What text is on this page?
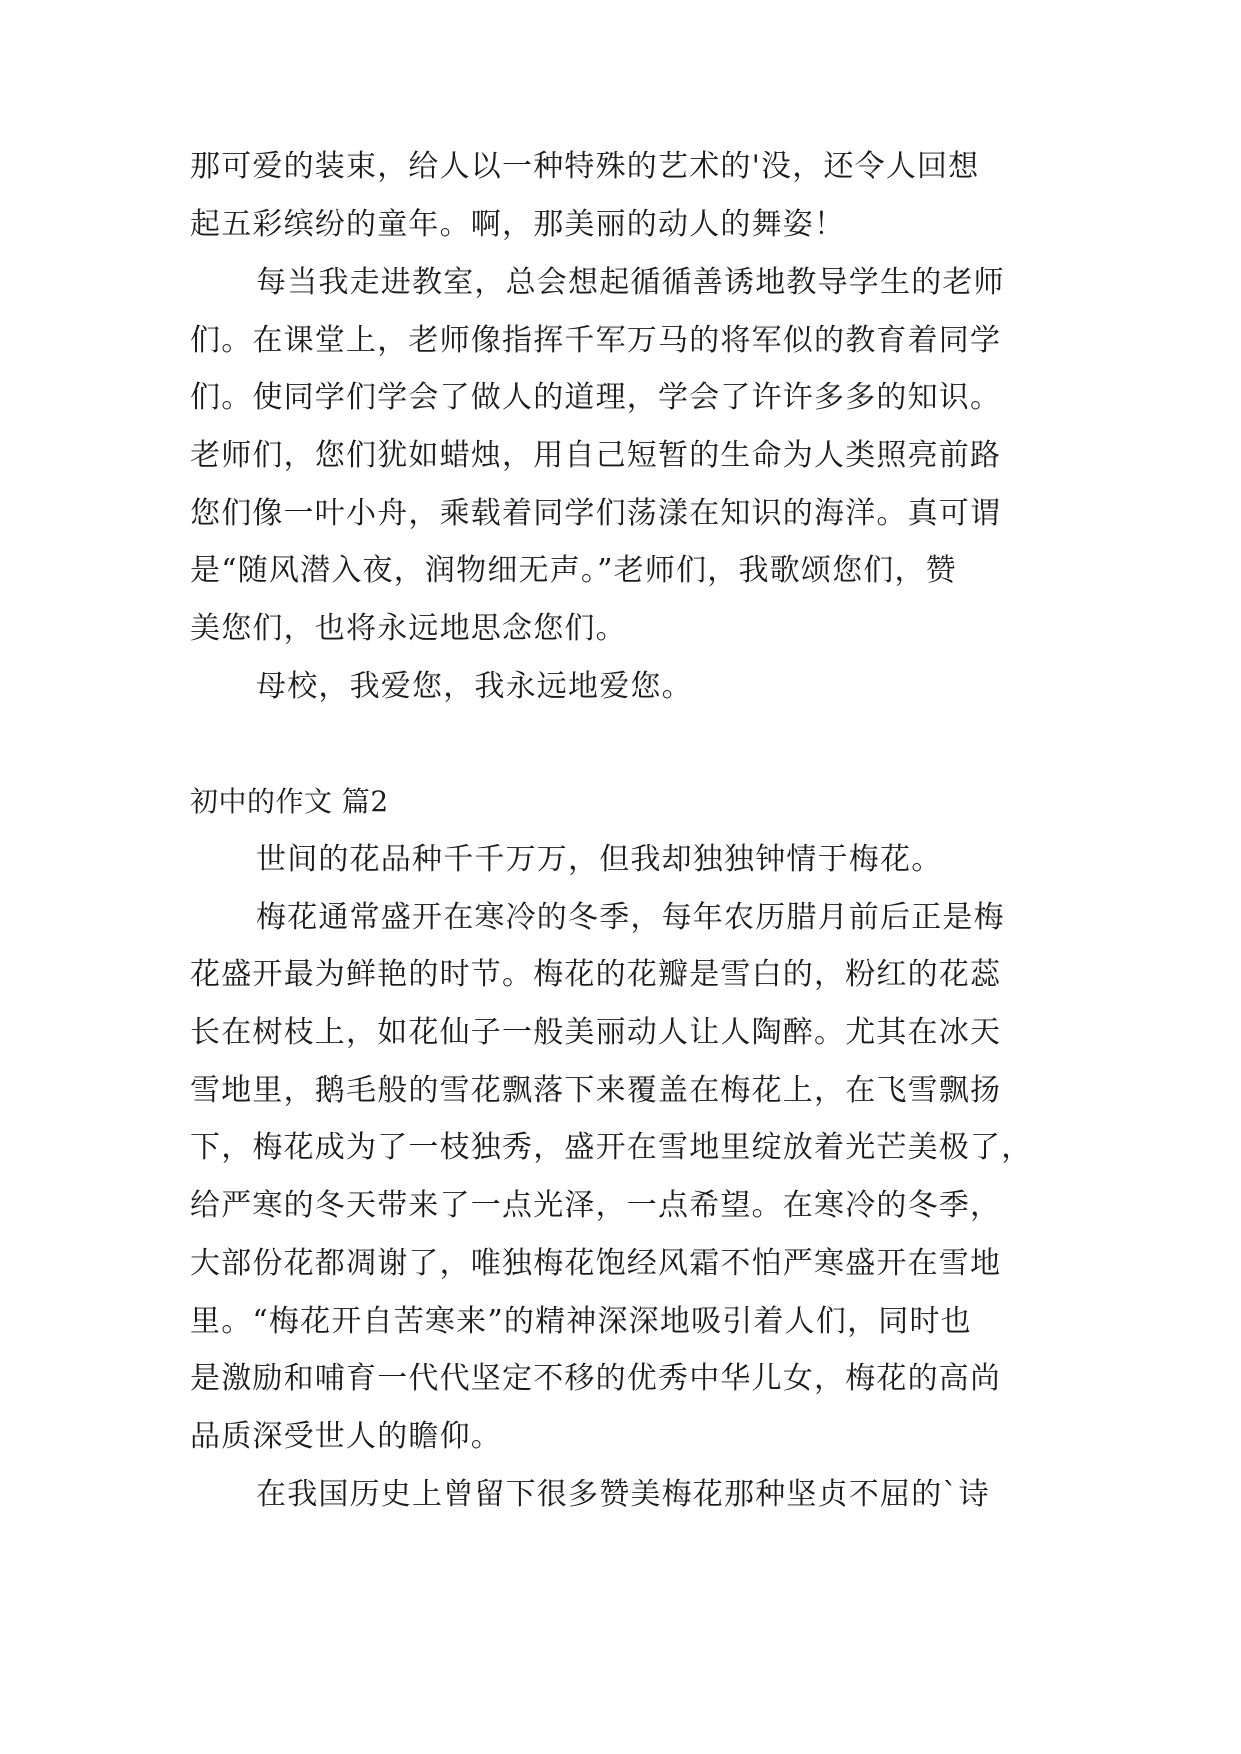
那可爱的装束，给人以一种特殊的艺术的'没，还令人回想
起五彩缤纷的童年。啊，那美丽的动人的舞姿！
每当我走进教室，总会想起循循善诱地教导学生的老师
们。在课堂上，老师像指挥千军万马的将军似的教育着同学
们。使同学们学会了做人的道理，学会了许许多多的知识。
老师们，您们犹如蜡烛，用自己短暂的生命为人类照亮前路
您们像一叶小舟，乘载着同学们荡漾在知识的海洋。真可谓
是“随风潜入夜，润物细无声。”老师们，我歌颂您们，赞
美您们，也将永远地思念您们。
母校，我爱您，我永远地爱您。
初中的作文 篇2
世间的花品种千千万万，但我却独独钟情于梅花。
梅花通常盛开在寒冷的冬季，每年农历腊月前后正是梅
花盛开最为鲜艳的时节。梅花的花瓣是雪白的，粉红的花蕊
长在树枝上，如花仙子一般美丽动人让人陶醉。尤其在冰天
雪地里，鹅毛般的雪花飘落下来覆盖在梅花上，在飞雪飘扬
下，梅花成为了一枝独秀，盛开在雪地里绽放着光芒美极了，
给严寒的冬天带来了一点光泽，一点希望。在寒冷的冬季，
大部份花都凋谢了，唯独梅花饱经风霜不怕严寒盛开在雪地
里。“梅花开自苦寒来”的精神深深地吸引着人们，同时也
是激励和哺育一代代坚定不移的优秀中华儿女，梅花的高尚
品质深受世人的瞻仰。
在我国历史上曾留下很多赞美梅花那种坚贞不屈的`诗
